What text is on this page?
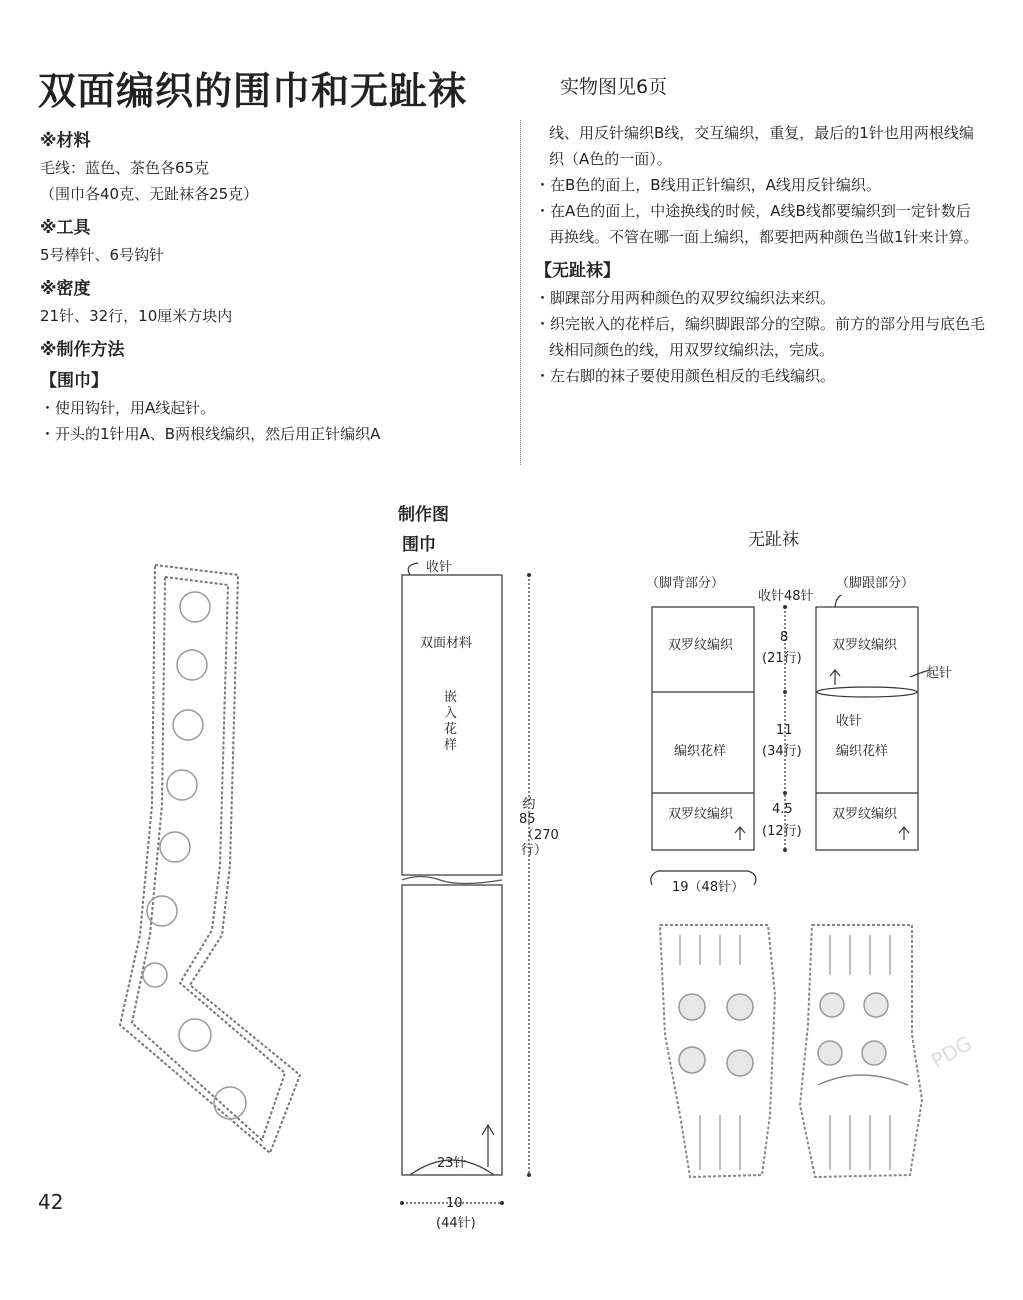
双面编织的围巾和无趾袜	实物图见6页
※材料

毛线：蓝色、茶色各65克

（围巾各40克、无趾袜各25克）

※工具

5号棒针、6号钩针

※密度

21针、32行，10厘米方块内

※制作方法
【围巾】

・使用钩针，用A线起针。

・开头的1针用A、B两根线编织，然后用正针编织A

线、用反针编织B线，交互编织，重复，最后的1针也用两根线编织（A色的一面）。

・在B色的面上，B线用正针编织，A线用反针编织。

・在A色的面上，中途换线的时候，A线B线都要编织到一定针数后再换线。不管在哪一面上编织，都要把两种颜色当做1针来计算。

【无趾袜】

・脚踝部分用两种颜色的双罗纹编织法来织。

・织完嵌入的花样后，编织脚跟部分的空隙。前方的部分用与底色毛线相同颜色的线，用双罗纹编织法，完成。

・左右脚的袜子要使用颜色相反的毛线编织。

制作图
围巾
收针
双面材料
嵌入花样
约
85
（270行）
23针
10
(44针)
无趾袜
（脚背部分）	（脚跟部分）
收针48针
双罗纹编织	双罗纹编织
编织花样	编织花样
双罗纹编织	双罗纹编织
8
(21行)
11
(34行)
4.5
(12行)
起针
收针
19（48针）
PDG
42
